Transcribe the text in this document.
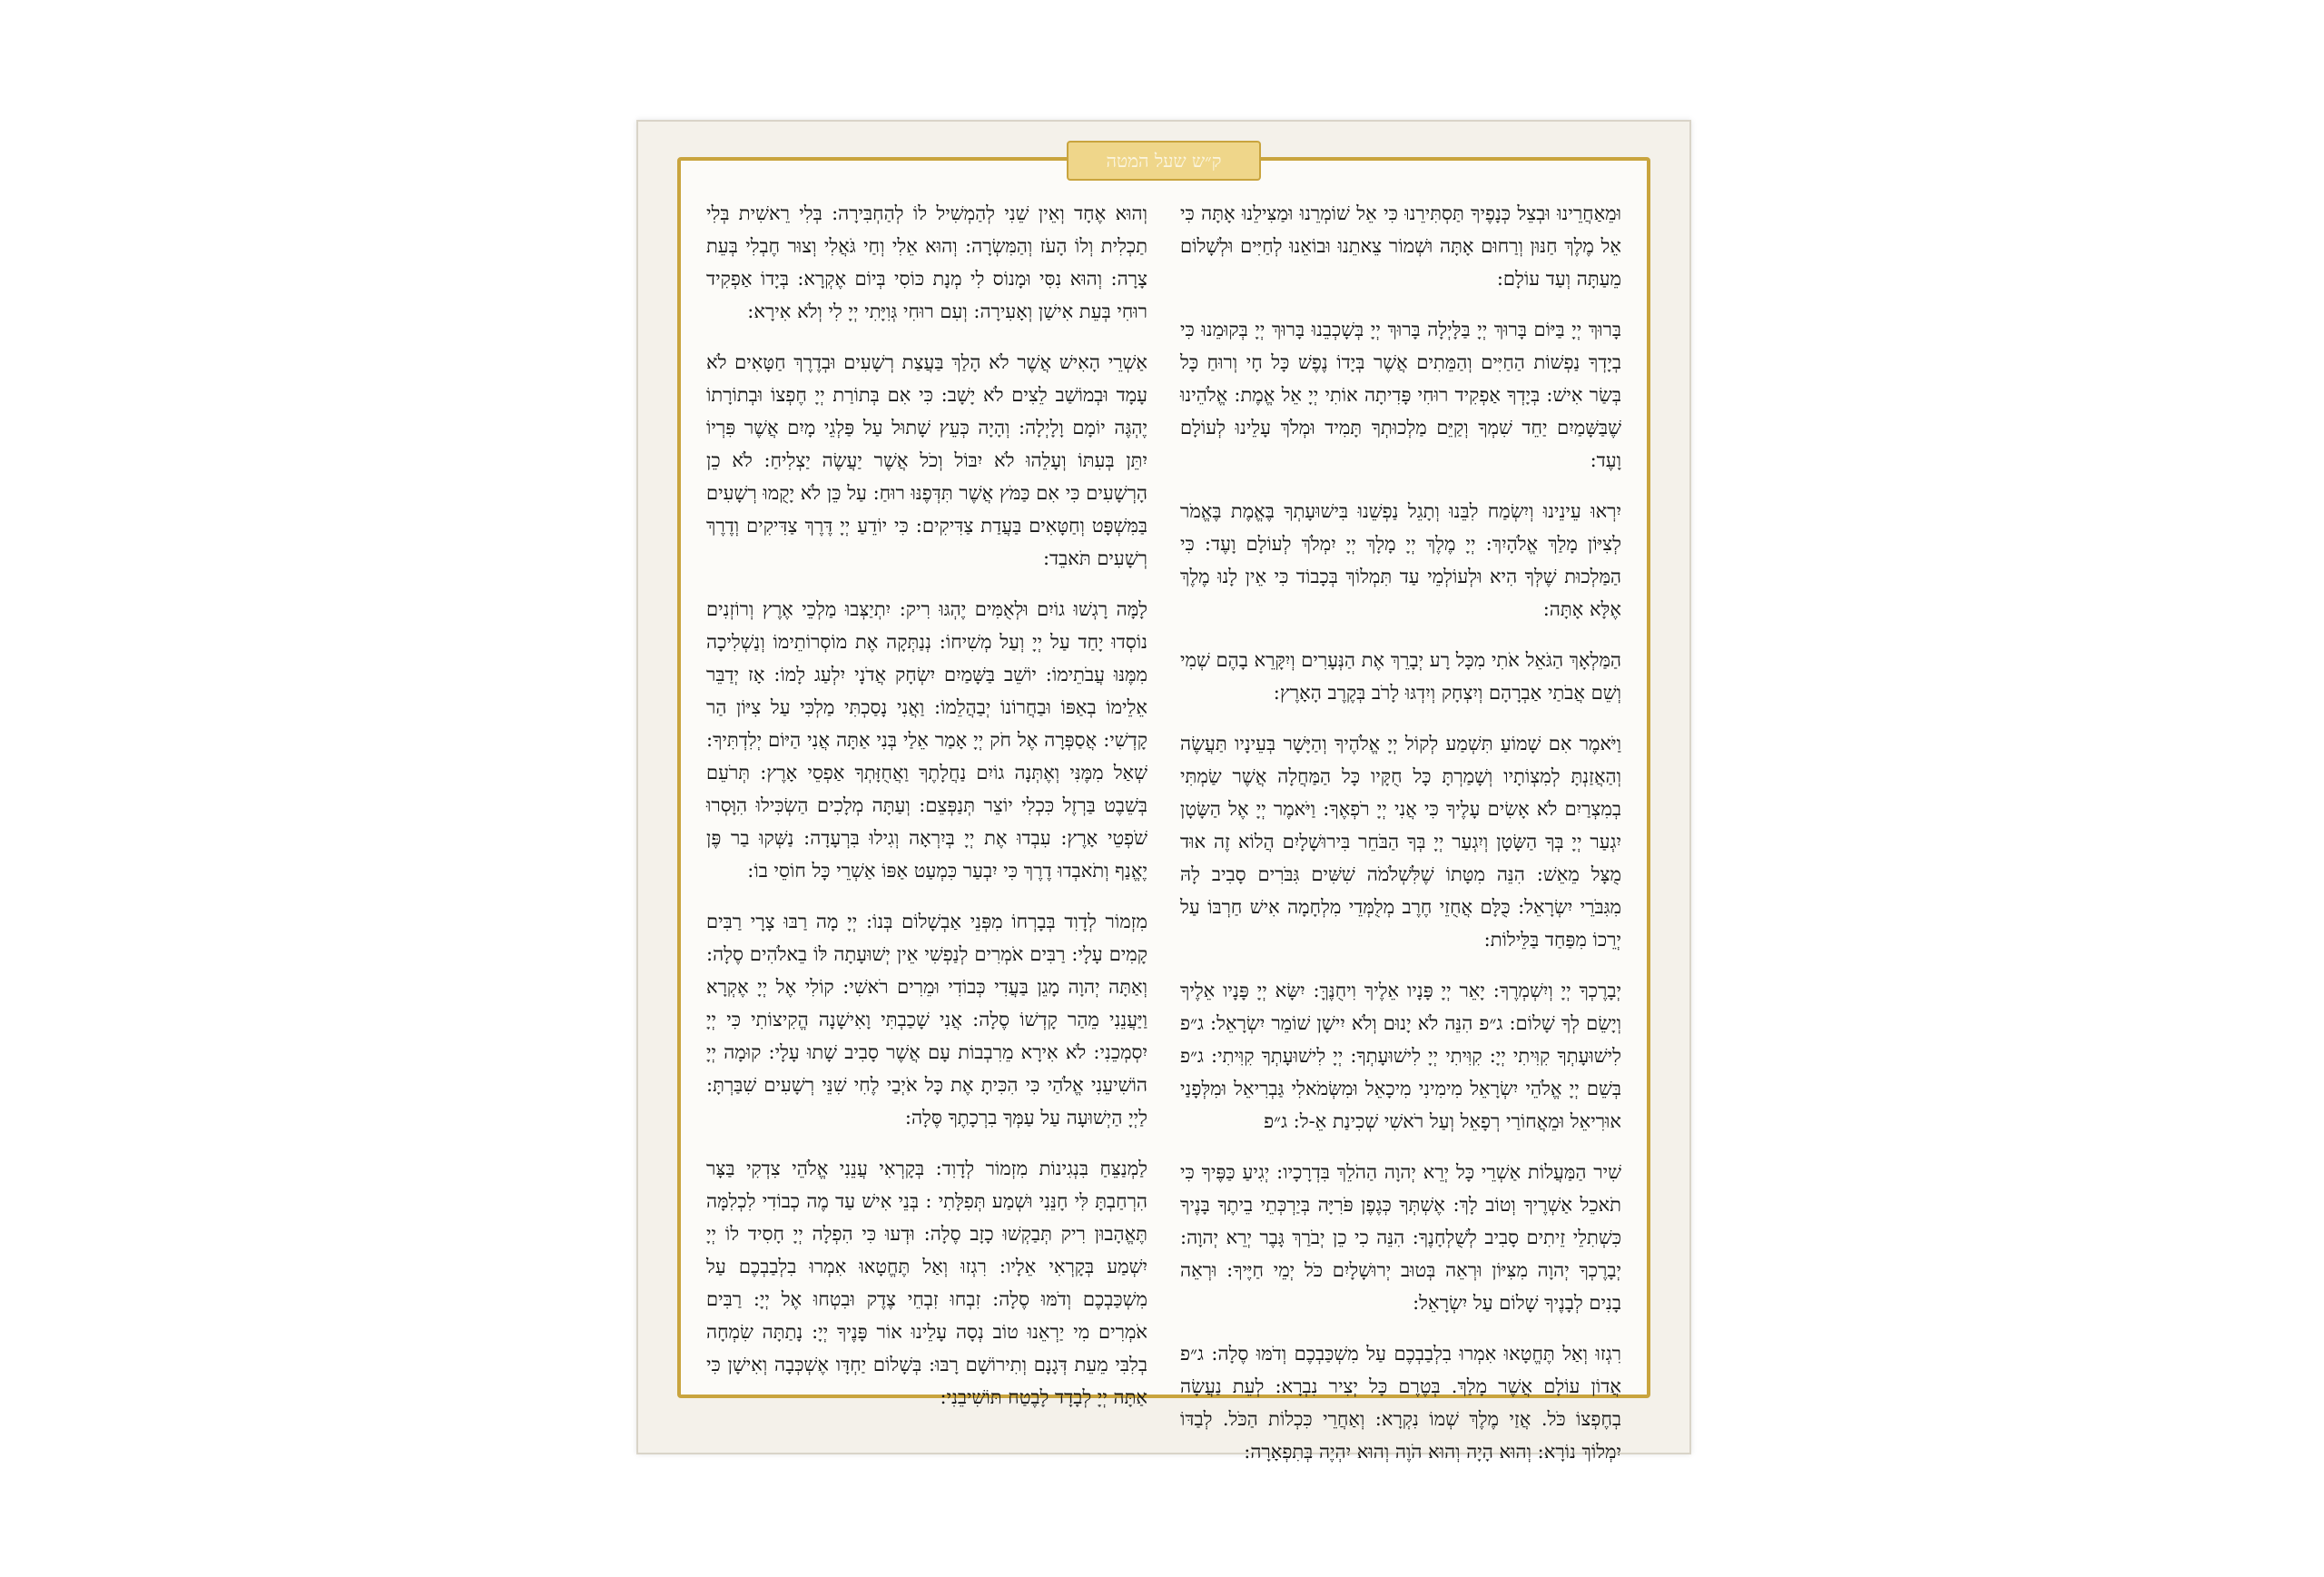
ק״ש שעל המטה

וּמֵאַחֲרֵינוּ וּבְצֵל כְּנָפֶיךָ תַּסְתִּירֵנוּ כִּי אֵל שׁוֹמְרֵנוּ וּמַצִּילֵנוּ אָתָּה כִּי אֵל מֶלֶךְ חַנּוּן וְרַחוּם אָתָּה וּשְׁמוֹר צֵאתֵנוּ וּבוֹאֵנוּ לְחַיִּים וּלְשָׁלוֹם מֵעַתָּה וְעַד עוֹלָם:

בָּרוּךְ יְיָ בַּיּוֹם בָּרוּךְ יְיָ בַּלָּיְלָה בָּרוּךְ יְיָ בְּשָׁכְבֵנוּ בָּרוּךְ יְיָ בְּקוּמֵנוּ כִּי בְיָדְךָ נַפְשׁוֹת הַחַיִּים וְהַמֵּתִים אֲשֶׁר בְּיָדוֹ נֶפֶשׁ כָּל חָי וְרוּחַ כָּל בְּשַׂר אִישׁ: בְּיָדְךָ אַפְקִיד רוּחִי פָּדִיתָה אוֹתִי יְיָ אֵל אֱמֶת: אֱלֹהֵינוּ שֶׁבַּשָּׁמַיִם יַחֵד שִׁמְךָ וְקַיֵּם מַלְכוּתְךָ תָּמִיד וּמְלֹךְ עָלֵינוּ לְעוֹלָם וָעֶד:

יִרְאוּ עֵינֵינוּ וְיִשְׂמַח לִבֵּנוּ וְתָגֵל נַפְשֵׁנוּ בִּישׁוּעָתְךָ בֶּאֱמֶת בֶּאֱמֹר לְצִיּוֹן מָלַךְ אֱלֹהָיִךְ: יְיָ מֶלֶךְ יְיָ מָלָךְ יְיָ יִמְלֹךְ לְעוֹלָם וָעֶד: כִּי הַמַּלְכוּת שֶׁלְּךָ הִיא וּלְעוֹלְמֵי עַד תִּמְלוֹךְ בְּכָבוֹד כִּי אֵין לָנוּ מֶלֶךְ אֶלָּא אָתָּה:

הַמַּלְאָךְ הַגֹּאֵל אֹתִי מִכָּל רָע יְבָרֵךְ אֶת הַנְּעָרִים וְיִקָּרֵא בָהֶם שְׁמִי וְשֵׁם אֲבֹתַי אַבְרָהָם וְיִצְחָק וְיִדְגּוּ לָרֹב בְּקֶרֶב הָאָרֶץ:

וַיֹּאמֶר אִם שָׁמוֹעַ תִּשְׁמַע לְקוֹל יְיָ אֱלֹהֶיךָ וְהַיָּשָׁר בְּעֵינָיו תַּעֲשֶׂה וְהַאֲזַנְתָּ לְמִצְוֹתָיו וְשָׁמַרְתָּ כָּל חֻקָּיו כָּל הַמַּחֲלָה אֲשֶׁר שַׂמְתִּי בְמִצְרַיִם לֹא אָשִׂים עָלֶיךָ כִּי אֲנִי יְיָ רֹפְאֶךָ: וַיֹּאמֶר יְיָ אֶל הַשָּׂטָן יִגְעַר יְיָ בְּךָ הַשָּׂטָן וְיִגְעַר יְיָ בְּךָ הַבֹּחֵר בִּירוּשָׁלָיִם הֲלוֹא זֶה אוּד מֻצָּל מֵאֵשׁ: הִנֵּה מִטָּתוֹ שֶׁלִּשְׁלֹמֹה שִׁשִּׁים גִּבֹּרִים סָבִיב לָהּ מִגִּבֹּרֵי יִשְׂרָאֵל: כֻּלָּם אֲחֻזֵי חֶרֶב מְלֻמְּדֵי מִלְחָמָה אִישׁ חַרְבּוֹ עַל יְרֵכוֹ מִפַּחַד בַּלֵּילוֹת:

יְבָרֶכְךָ יְיָ וְיִשְׁמְרֶךָ: יָאֵר יְיָ פָּנָיו אֵלֶיךָ וִיחֻנֶּךָּ: יִשָּׂא יְיָ פָּנָיו אֵלֶיךָ וְיָשֵׂם לְךָ שָׁלוֹם: ג״פ הִנֵּה לֹא יָנוּם וְלֹא יִישָׁן שׁוֹמֵר יִשְׂרָאֵל: ג״פ לִישׁוּעָתְךָ קִוִּיתִי יְיָ: קִוִּיתִי יְיָ לִישׁוּעָתְךָ: יְיָ לִישׁוּעָתְךָ קִוִּיתִי: ג״פ בְּשֵׁם יְיָ אֱלֹהֵי יִשְׂרָאֵל מִימִינִי מִיכָאֵל וּמִשְּׂמֹאלִי גַּבְרִיאֵל וּמִלְּפָנַי אוּרִיאֵל וּמֵאֲחוֹרַי רְפָאֵל וְעַל רֹאשִׁי שְׁכִינַת אֵ-ל: ג״פ

שִׁיר הַמַּעֲלוֹת אַשְׁרֵי כָּל יְרֵא יְהוָה הַהֹלֵךְ בִּדְרָכָיו: יְגִיעַ כַּפֶּיךָ כִּי תֹאכֵל אַשְׁרֶיךָ וְטוֹב לָךְ: אֶשְׁתְּךָ כְּגֶפֶן פֹּרִיָּה בְּיַרְכְּתֵי בֵיתֶךָ בָּנֶיךָ כִּשְׁתִלֵי זֵיתִים סָבִיב לְשֻׁלְחָנֶךָ: הִנֵּה כִי כֵן יְבֹרַךְ גָּבֶר יְרֵא יְהוָה: יְבָרֶכְךָ יְהוָה מִצִּיּוֹן וּרְאֵה בְּטוּב יְרוּשָׁלָיִם כֹּל יְמֵי חַיֶּיךָ: וּרְאֵה בָנִים לְבָנֶיךָ שָׁלוֹם עַל יִשְׂרָאֵל:

רִגְזוּ וְאַל תֶּחֱטָאוּ אִמְרוּ בִלְבַבְכֶם עַל מִשְׁכַּבְכֶם וְדֹמּוּ סֶלָה: ג״פ אֲדוֹן עוֹלָם אֲשֶׁר מָלַךְ. בְּטֶרֶם כָּל יְצִיר נִבְרָא: לְעֵת נַעֲשָׂה בְחֶפְצוֹ כֹּל. אֲזַי מֶלֶךְ שְׁמוֹ נִקְרָא: וְאַחֲרֵי כִּכְלוֹת הַכֹּל. לְבַדּוֹ יִמְלוֹךְ נוֹרָא: וְהוּא הָיָה וְהוּא הֹוֶה וְהוּא יִהְיֶה בְּתִפְאָרָה:

וְהוּא אֶחָד וְאֵין שֵׁנִי לְהַמְשִׁיל לוֹ לְהַחְבִּירָה: בְּלִי רֵאשִׁית בְּלִי תַכְלִית וְלוֹ הָעֹז וְהַמִּשְׂרָה: וְהוּא אֵלִי וְחַי גֹּאֲלִי וְצוּר חֶבְלִי בְּעֵת צָרָה: וְהוּא נִסִּי וּמָנוֹס לִי מְנָת כּוֹסִי בְּיוֹם אֶקְרָא: בְּיָדוֹ אַפְקִיד רוּחִי בְּעֵת אִישַׁן וְאָעִירָה: וְעִם רוּחִי גְּוִיָּתִי יְיָ לִי וְלֹא אִירָא:

אַשְׁרֵי הָאִישׁ אֲשֶׁר לֹא הָלַךְ בַּעֲצַת רְשָׁעִים וּבְדֶרֶךְ חַטָּאִים לֹא עָמָד וּבְמוֹשַׁב לֵצִים לֹא יָשָׁב: כִּי אִם בְּתוֹרַת יְיָ חֶפְצוֹ וּבְתוֹרָתוֹ יֶהְגֶּה יוֹמָם וָלָיְלָה: וְהָיָה כְּעֵץ שָׁתוּל עַל פַּלְגֵי מָיִם אֲשֶׁר פִּרְיוֹ יִתֵּן בְּעִתּוֹ וְעָלֵהוּ לֹא יִבּוֹל וְכֹל אֲשֶׁר יַעֲשֶׂה יַצְלִיחַ: לֹא כֵן הָרְשָׁעִים כִּי אִם כַּמֹּץ אֲשֶׁר תִּדְּפֶנּוּ רוּחַ: עַל כֵּן לֹא יָקֻמוּ רְשָׁעִים בַּמִּשְׁפָּט וְחַטָּאִים בַּעֲדַת צַדִּיקִים: כִּי יוֹדֵעַ יְיָ דֶּרֶךְ צַדִּיקִים וְדֶרֶךְ רְשָׁעִים תֹּאבֵד:

לָמָּה רָגְשׁוּ גוֹיִם וּלְאֻמִּים יֶהְגּוּ רִיק: יִתְיַצְּבוּ מַלְכֵי אֶרֶץ וְרוֹזְנִים נוֹסְדוּ יָחַד עַל יְיָ וְעַל מְשִׁיחוֹ: נְנַתְּקָה אֶת מוֹסְרוֹתֵימוֹ וְנַשְׁלִיכָה מִמֶּנּוּ עֲבֹתֵימוֹ: יוֹשֵׁב בַּשָּׁמַיִם יִשְׂחָק אֲדֹנָי יִלְעַג לָמוֹ: אָז יְדַבֵּר אֵלֵימוֹ בְאַפּוֹ וּבַחֲרוֹנוֹ יְבַהֲלֵמוֹ: וַאֲנִי נָסַכְתִּי מַלְכִּי עַל צִיּוֹן הַר קָדְשִׁי: אֲסַפְּרָה אֶל חֹק יְיָ אָמַר אֵלַי בְּנִי אַתָּה אֲנִי הַיּוֹם יְלִדְתִּיךָ: שְׁאַל מִמֶּנִּי וְאֶתְּנָה גוֹיִם נַחֲלָתֶךָ וַאֲחֻזָּתְךָ אַפְסֵי אָרֶץ: תְּרֹעֵם בְּשֵׁבֶט בַּרְזֶל כִּכְלִי יוֹצֵר תְּנַפְּצֵם: וְעַתָּה מְלָכִים הַשְׂכִּילוּ הִוָּסְרוּ שֹׁפְטֵי אָרֶץ: עִבְדוּ אֶת יְיָ בְּיִרְאָה וְגִילוּ בִּרְעָדָה: נַשְּׁקוּ בַר פֶּן יֶאֱנַף וְתֹאבְדוּ דֶרֶךְ כִּי יִבְעַר כִּמְעַט אַפּוֹ אַשְׁרֵי כָּל חוֹסֵי בוֹ:

מִזְמוֹר לְדָוִד בְּבָרְחוֹ מִפְּנֵי אַבְשָׁלוֹם בְּנוֹ: יְיָ מָה רַבּוּ צָרָי רַבִּים קָמִים עָלָי: רַבִּים אֹמְרִים לְנַפְשִׁי אֵין יְשׁוּעָתָה לּוֹ בֵאלֹהִים סֶלָה: וְאַתָּה יְהוָה מָגֵן בַּעֲדִי כְּבוֹדִי וּמֵרִים רֹאשִׁי: קוֹלִי אֶל יְיָ אֶקְרָא וַיַּעֲנֵנִי מֵהַר קָדְשׁוֹ סֶלָה: אֲנִי שָׁכַבְתִּי וָאִישָׁנָה הֱקִיצוֹתִי כִּי יְיָ יִסְמְכֵנִי: לֹא אִירָא מֵרִבְבוֹת עָם אֲשֶׁר סָבִיב שָׁתוּ עָלָי: קוּמָה יְיָ הוֹשִׁיעֵנִי אֱלֹהַי כִּי הִכִּיתָ אֶת כָּל אֹיְבַי לֶחִי שִׁנֵּי רְשָׁעִים שִׁבַּרְתָּ: לַיְיָ הַיְשׁוּעָה עַל עַמְּךָ בִרְכָתֶךָ סֶּלָה:

לַמְנַצֵּחַ בִּנְגִינוֹת מִזְמוֹר לְדָוִד: בְּקָרְאִי עֲנֵנִי אֱלֹהֵי צִדְקִי בַּצָּר הִרְחַבְתָּ לִּי חָנֵּנִי וּשְׁמַע תְּפִלָּתִי : בְּנֵי אִישׁ עַד מֶה כְבוֹדִי לִכְלִמָּה תֶּאֱהָבוּן רִיק תְּבַקְשׁוּ כָזָב סֶלָה: וּדְעוּ כִּי הִפְלָה יְיָ חָסִיד לוֹ יְיָ יִשְׁמַע בְּקָרְאִי אֵלָיו: רִגְזוּ וְאַל תֶּחֱטָאוּ אִמְרוּ בִלְבַבְכֶם עַל מִשְׁכַּבְכֶם וְדֹמּוּ סֶלָה: זִבְחוּ זִבְחֵי צֶדֶק וּבִטְחוּ אֶל יְיָ: רַבִּים אֹמְרִים מִי יַרְאֵנוּ טוֹב נְסָה עָלֵינוּ אוֹר פָּנֶיךָ יְיָ: נָתַתָּה שִׂמְחָה בְלִבִּי מֵעֵת דְּגָנָם וְתִירוֹשָׁם רָבּוּ: בְּשָׁלוֹם יַחְדָּו אֶשְׁכְּבָה וְאִישָׁן כִּי אַתָּה יְיָ לְבָדָד לָבֶטַח תּוֹשִׁיבֵנִי:
